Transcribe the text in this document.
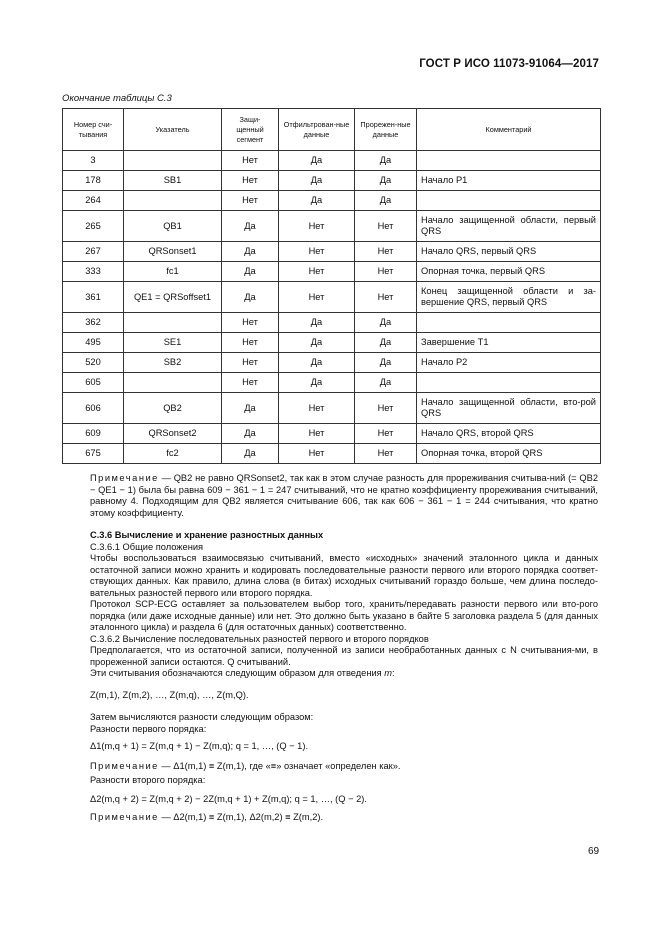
ГОСТ Р ИСО 11073-91064—2017
Окончание таблицы С.3
Номер счи-тывания	Указатель	Защи-щенный сегмент	Отфильтрован-ные данные	Прорежен-ные данные	Комментарий
3		Нет	Да	Да	
178	SB1	Нет	Да	Да	Начало Р1
264		Нет	Да	Да	
265	QB1	Да	Нет	Нет	Начало защищенной области, первый QRS
267	QRSonset1	Да	Нет	Нет	Начало QRS, первый QRS
333	fc1	Да	Нет	Нет	Опорная точка, первый QRS
361	QE1 = QRSoffset1	Да	Нет	Нет	Конец защищенной области и за-вершение QRS, первый QRS
362		Нет	Да	Да	
495	SE1	Нет	Да	Да	Завершение Т1
520	SB2	Нет	Да	Да	Начало Р2
605		Нет	Да	Да	
606	QB2	Да	Нет	Нет	Начало защищенной области, вто-рой QRS
609	QRSonset2	Да	Нет	Нет	Начало QRS, второй QRS
675	fc2	Да	Нет	Нет	Опорная точка, второй QRS

Примечание — QB2 не равно QRSonset2, так как в этом случае разность для прореживания считыва-ний (= QB2 − QE1 − 1) была бы равна 609 − 361 − 1 = 247 считываний, что не кратно коэффициенту прореживания считываний, равному 4. Подходящим для QB2 является считывание 606, так как 606 − 361 − 1 = 244 считывания, что кратно этому коэффициенту.

С.3.6 Вычисление и хранение разностных данных

С.3.6.1 Общие положения

Чтобы воспользоваться взаимосвязью считываний, вместо «исходных» значений эталонного цикла и данных остаточной записи можно хранить и кодировать последовательные разности первого или второго порядка соответ-ствующих данных. Как правило, длина слова (в битах) исходных считываний гораздо больше, чем длина последо-вательных разностей первого или второго порядка.

Протокол SCP-ECG оставляет за пользователем выбор того, хранить/передавать разности первого или вто-рого порядка (или даже исходные данные) или нет. Это должно быть указано в байте 5 заголовка раздела 5 (для данных эталонного цикла) и раздела 6 (для остаточных данных) соответственно.

С.3.6.2 Вычисление последовательных разностей первого и второго порядков

Предполагается, что из остаточной записи, полученной из записи необработанных данных с N считывания-ми, в прореженной записи остаются. Q считываний.

Эти считывания обозначаются следующим образом для отведения m:

Z(m,1), Z(m,2), …, Z(m,q), …, Z(m,Q).

Затем вычисляются разности следующим образом:

Разности первого порядка:

Δ1(m,q + 1) = Z(m,q + 1) − Z(m,q); q = 1, …, (Q − 1).

Примечание — Δ1(m,1) ≡ Z(m,1), где «≡» означает «определен как».

Разности второго порядка:

Δ2(m,q + 2) = Z(m,q + 2) − 2Z(m,q + 1) + Z(m,q); q = 1, …, (Q − 2).

Примечание — Δ2(m,1) ≡ Z(m,1), Δ2(m,2) ≡ Z(m,2).

69
